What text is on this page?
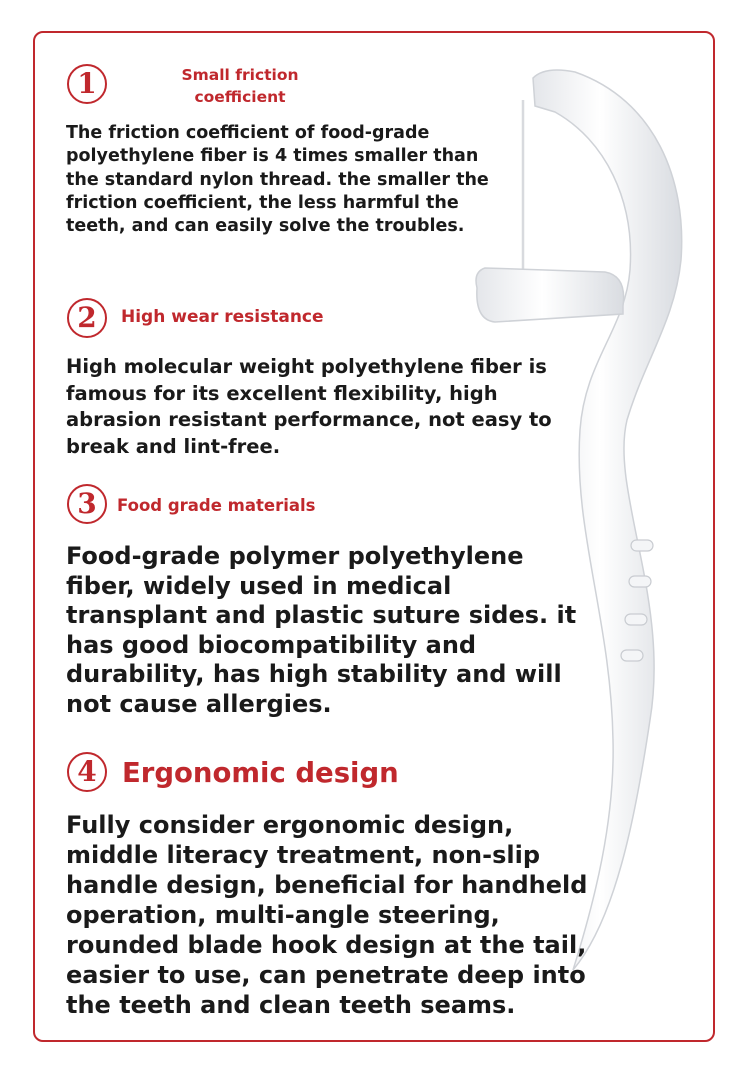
1	Small friction coefficient

The friction coefficient of food-grade polyethylene fiber is 4 times smaller than the standard nylon thread. the smaller the friction coefficient, the less harmful the teeth, and can easily solve the troubles.

2	High wear resistance

High molecular weight polyethylene fiber is famous for its excellent flexibility, high abrasion resistant performance, not easy to break and lint-free.

3	Food grade materials

Food-grade polymer polyethylene fiber, widely used in medical transplant and plastic suture sides. it has good biocompatibility and durability, has high stability and will not cause allergies.

4 Ergonomic design

Fully consider ergonomic design, middle literacy treatment, non-slip handle design, beneficial for handheld operation, multi-angle steering, rounded blade hook design at the tail, easier to use, can penetrate deep into the teeth and clean teeth seams.
